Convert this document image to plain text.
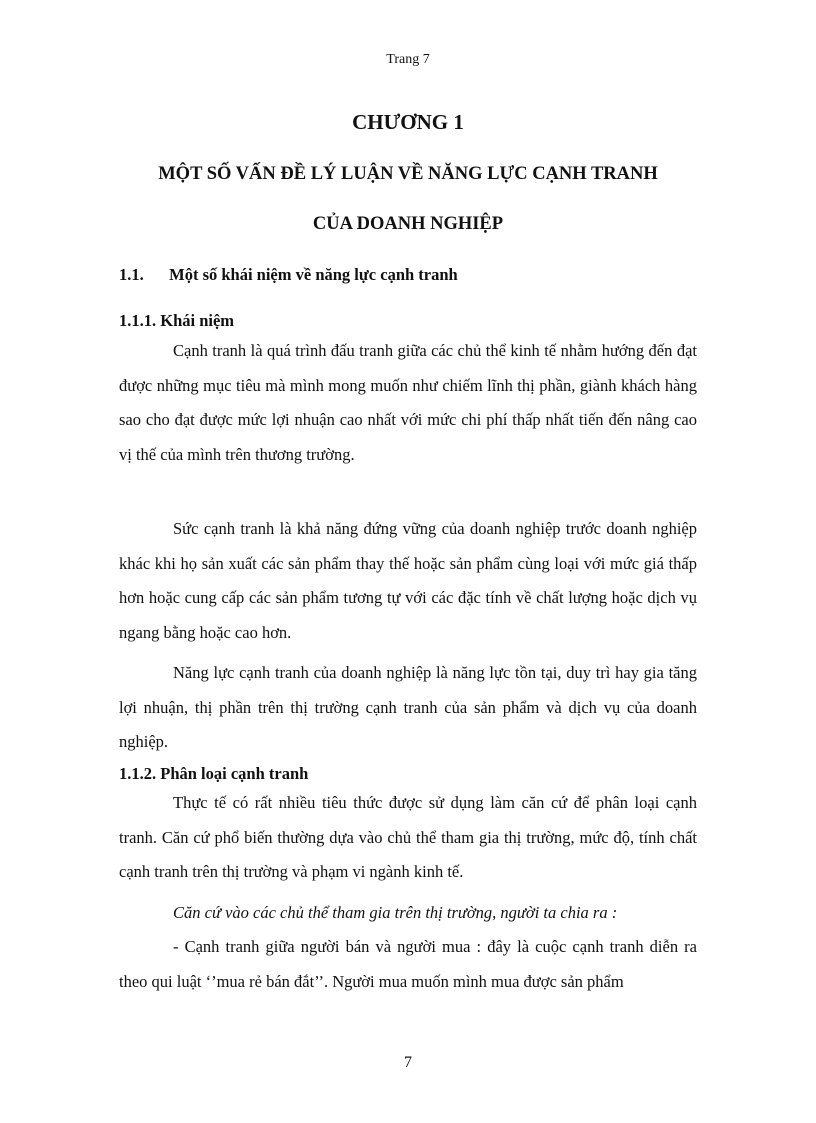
Trang 7
CHƯƠNG 1
MỘT SỐ VẤN ĐỀ LÝ LUẬN VỀ NĂNG LỰC CẠNH TRANH
CỦA DOANH NGHIỆP
1.1. Một số khái niệm về năng lực cạnh tranh
1.1.1. Khái niệm

Cạnh tranh là quá trình đấu tranh giữa các chủ thể kinh tế nhằm hướng đến đạt được những mục tiêu mà mình mong muốn như chiếm lĩnh thị phần, giành khách hàng sao cho đạt được mức lợi nhuận cao nhất với mức chi phí thấp nhất tiến đến nâng cao vị thế của mình trên thương trường.

Sức cạnh tranh là khả năng đứng vững của doanh nghiệp trước doanh nghiệp khác khi họ sản xuất các sản phẩm thay thế hoặc sản phẩm cùng loại với mức giá thấp hơn hoặc cung cấp các sản phẩm tương tự với các đặc tính về chất lượng hoặc dịch vụ ngang bằng hoặc cao hơn.

Năng lực cạnh tranh của doanh nghiệp là năng lực tồn tại, duy trì hay gia tăng lợi nhuận, thị phần trên thị trường cạnh tranh của sản phẩm và dịch vụ của doanh nghiệp.

1.1.2. Phân loại cạnh tranh

Thực tế có rất nhiều tiêu thức được sử dụng làm căn cứ để phân loại cạnh tranh. Căn cứ phổ biến thường dựa vào chủ thể tham gia thị trường, mức độ, tính chất cạnh tranh trên thị trường và phạm vi ngành kinh tế.

Căn cứ vào các chủ thể tham gia trên thị trường, người ta chia ra :

- Cạnh tranh giữa người bán và người mua : đây là cuộc cạnh tranh diễn ra theo qui luật ‘’mua rẻ bán đắt’’. Người mua muốn mình mua được sản phẩm

7
